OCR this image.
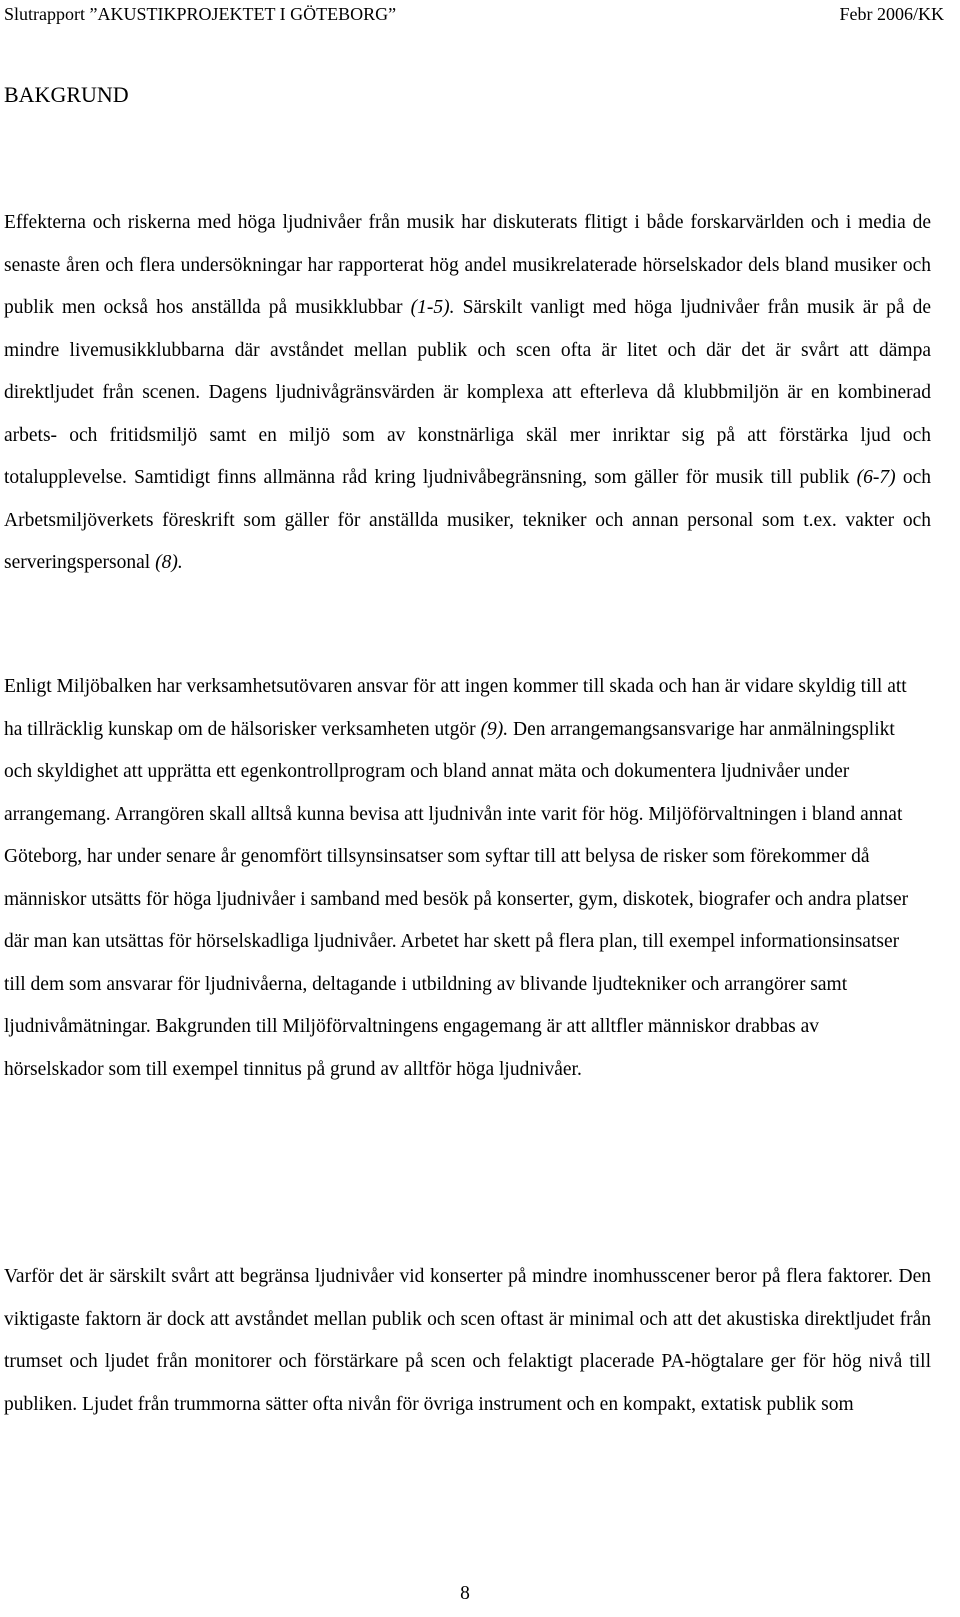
Slutrapport ”AKUSTIKPROJEKTET I GÖTEBORG”	Febr 2006/KK
BAKGRUND

Effekterna och riskerna med höga ljudnivåer från musik har diskuterats flitigt i både forskarvärlden och i media de senaste åren och flera undersökningar har rapporterat hög andel musikrelaterade hörselskador dels bland musiker och publik men också hos anställda på musikklubbar (1-5). Särskilt vanligt med höga ljudnivåer från musik är på de mindre livemusikklubbarna där avståndet mellan publik och scen ofta är litet och där det är svårt att dämpa direktljudet från scenen. Dagens ljudnivågränsvärden är komplexa att efterleva då klubbmiljön är en kombinerad arbets- och fritidsmiljö samt en miljö som av konstnärliga skäl mer inriktar sig på att förstärka ljud och totalupplevelse. Samtidigt finns allmänna råd kring ljudnivåbegränsning, som gäller för musik till publik (6-7) och Arbetsmiljöverkets föreskrift som gäller för anställda musiker, tekniker och annan personal som t.ex. vakter och serveringspersonal (8).

Enligt Miljöbalken har verksamhetsutövaren ansvar för att ingen kommer till skada och han är vidare skyldig till att ha tillräcklig kunskap om de hälsorisker verksamheten utgör (9). Den arrangemangsansvarige har anmälningsplikt och skyldighet att upprätta ett egenkontrollprogram och bland annat mäta och dokumentera ljudnivåer under arrangemang. Arrangören skall alltså kunna bevisa att ljudnivån inte varit för hög. Miljöförvaltningen i bland annat Göteborg, har under senare år genomfört tillsynsinsatser som syftar till att belysa de risker som förekommer då människor utsätts för höga ljudnivåer i samband med besök på konserter, gym, diskotek, biografer och andra platser där man kan utsättas för hörselskadliga ljudnivåer. Arbetet har skett på flera plan, till exempel informationsinsatser till dem som ansvarar för ljudnivåerna, deltagande i utbildning av blivande ljudtekniker och arrangörer samt ljudnivåmätningar. Bakgrunden till Miljöförvaltningens engagemang är att alltfler människor drabbas av hörselskador som till exempel tinnitus på grund av alltför höga ljudnivåer.

Varför det är särskilt svårt att begränsa ljudnivåer vid konserter på mindre inomhusscener beror på flera faktorer. Den viktigaste faktorn är dock att avståndet mellan publik och scen oftast är minimal och att det akustiska direktljudet från trumset och ljudet från monitorer och förstärkare på scen och felaktigt placerade PA-högtalare ger för hög nivå till publiken. Ljudet från trummorna sätter ofta nivån för övriga instrument och en kompakt, extatisk publik som

8
